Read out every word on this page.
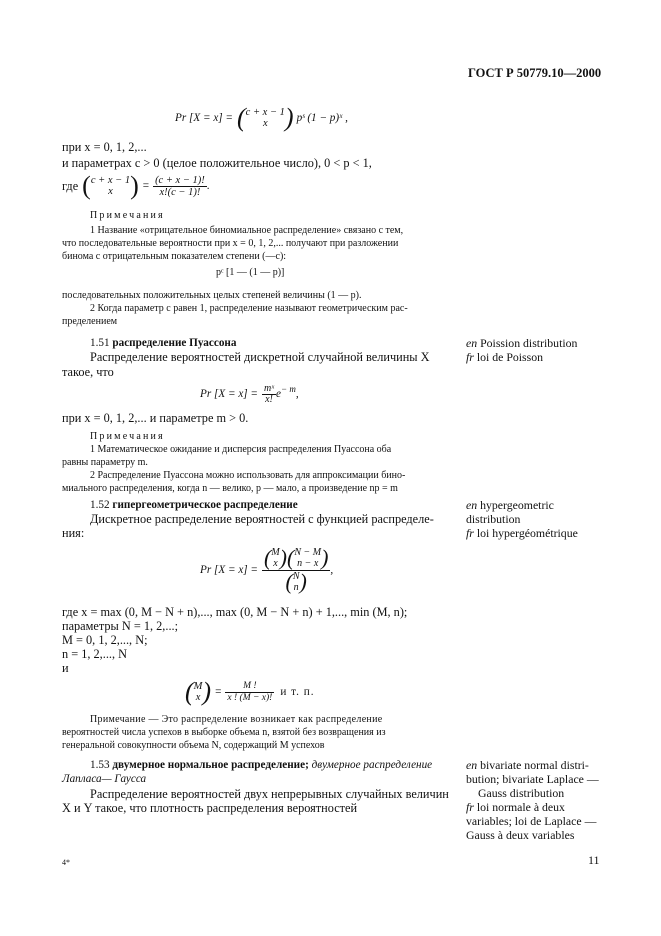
ГОСТ Р 50779.10—2000
Pr [X = x] = ( c + x − 1
x ) pˢ (1 − p)ˣ ,
при x = 0, 1, 2,...
и параметрах c > 0 (целое положительное число), 0 < p < 1,
где ( c + x − 1
x ) = $\frac{(c + x - 1)!}{x!(c - 1)!}$ .
Примечания
1 Название «отрицательное биномиальное распределение» связано с тем,
что последовательные вероятности при x = 0, 1, 2,... получают при разложении
бинома с отрицательным показателем степени (—c):
pᶜ [1 — (1 — p)]
последовательных положительных целых степеней величины (1 — p).
2 Когда параметр c равен 1, распределение называют геометрическим рас-
пределением
1.51 распределение Пуассона
Распределение вероятностей дискретной случайной величины X
такое, что
en Poission distribution
fr loi de Poisson
Pr $[X = x] = \frac{\text{mˣ}}{x!}$ e − m ,
при x = 0, 1, 2,... и параметре m > 0.
Примечания
1 Математическое ожидание и дисперсия распределения Пуассона оба
равны параметру m.
2 Распределение Пуассона можно использовать для аппроксимации бино-
миального распределения, когда n — велико, p — мало, а произведение np = m
1.52 гипергеометрическое распределение
Дискретное распределение вероятностей с функцией распределе-
ния:
en hypergeometric
distribution
fr loi hypergéométrique
Pr [X = x] = ( M
x ) ( N − M
n − x )
( N
n ) ,
где x = max (0, M − N + n),..., max (0, M − N + n) + 1,..., min (M, n);
параметры N = 1, 2,...;
M = 0, 1, 2,..., N;
n = 1, 2,..., N
и
( M
x ) = $\frac{M !}{x ! (M - x)!}$ и т. п.
Примечание — Это распределение возникает как распределение
вероятностей числа успехов в выборке объема n, взятой без возвращения из
генеральной совокупности объема N, содержащий M успехов
1.53 двумерное нормальное распределение; двумерное распределение
Лапласа— Гаусса
Распределение вероятностей двух непрерывных случайных величин
X и Y такое, что плотность распределения вероятностей
en bivariate normal distri-
bution; bivariate Laplace —
Gauss distribution
fr loi normale à deux
variables; loi de Laplace —
Gauss à deux variables
4*	11
